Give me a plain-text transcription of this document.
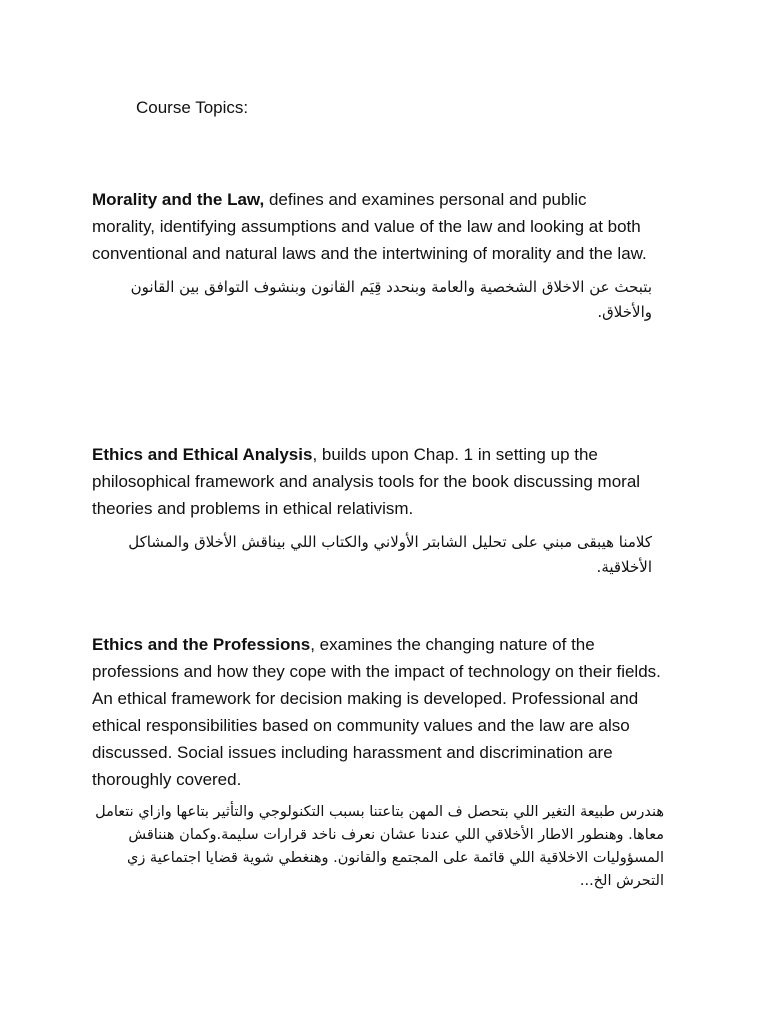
Course Topics:

Morality and the Law, defines and examines personal and public morality, identifying assumptions and value of the law and looking at both conventional and natural laws and the intertwining of morality and the law.

بتبحث عن الاخلاق الشخصية والعامة وبنحدد قِيَم القانون وبنشوف التوافق بين القانون والأخلاق.

Ethics and Ethical Analysis, builds upon Chap. 1 in setting up the philosophical framework and analysis tools for the book discussing moral theories and problems in ethical relativism.

كلامنا هيبقى مبني على تحليل الشابتر الأولاني والكتاب اللي بيناقش الأخلاق والمشاكل الأخلاقية.

Ethics and the Professions, examines the changing nature of the professions and how they cope with the impact of technology on their fields. An ethical framework for decision making is developed. Professional and ethical responsibilities based on community values and the law are also discussed. Social issues including harassment and discrimination are thoroughly covered.

هندرس طبيعة التغير اللي بتحصل ف المهن بتاعتنا بسبب التكنولوجي والتأثير بتاعها وازاي نتعامل معاها. وهنطور الاطار الأخلاقي اللي عندنا عشان نعرف ناخد قرارات سليمة.وكمان هنناقش المسؤوليات الاخلاقية اللي قائمة على المجتمع والقانون. وهنغطي شوية قضايا اجتماعية زي التحرش الخ...
